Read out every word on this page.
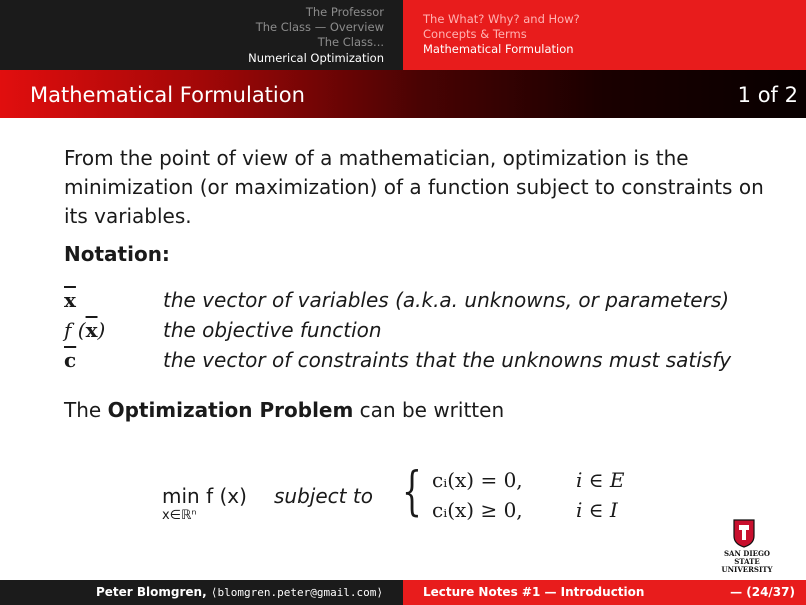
The Professor
The Class — Overview
The Class...
Numerical Optimization
The What? Why? and How?
Concepts & Terms
Mathematical Formulation
Mathematical Formulation	1 of 2

From the point of view of a mathematician, optimization is the minimization (or maximization) of a function subject to constraints on its variables.

Notation:
$\overline{x}$	the vector of variables (a.k.a. unknowns, or parameters)
f $(\overline{x})$	the objective function
$\overline{c}$	the vector of constraints that the unknowns must satisfy
The Optimization Problem can be written
min f (x)
x∈ℝⁿ
subject to { cᵢ(x) = 0,	i ∈ E
cᵢ(x) ≥ 0,	i ∈ I
SAN DIEGO STATE
UNIVERSITY
Peter Blomgren, ⟨blomgren.peter@gmail.com⟩	Lecture Notes #1 — Introduction	— (24/37)
